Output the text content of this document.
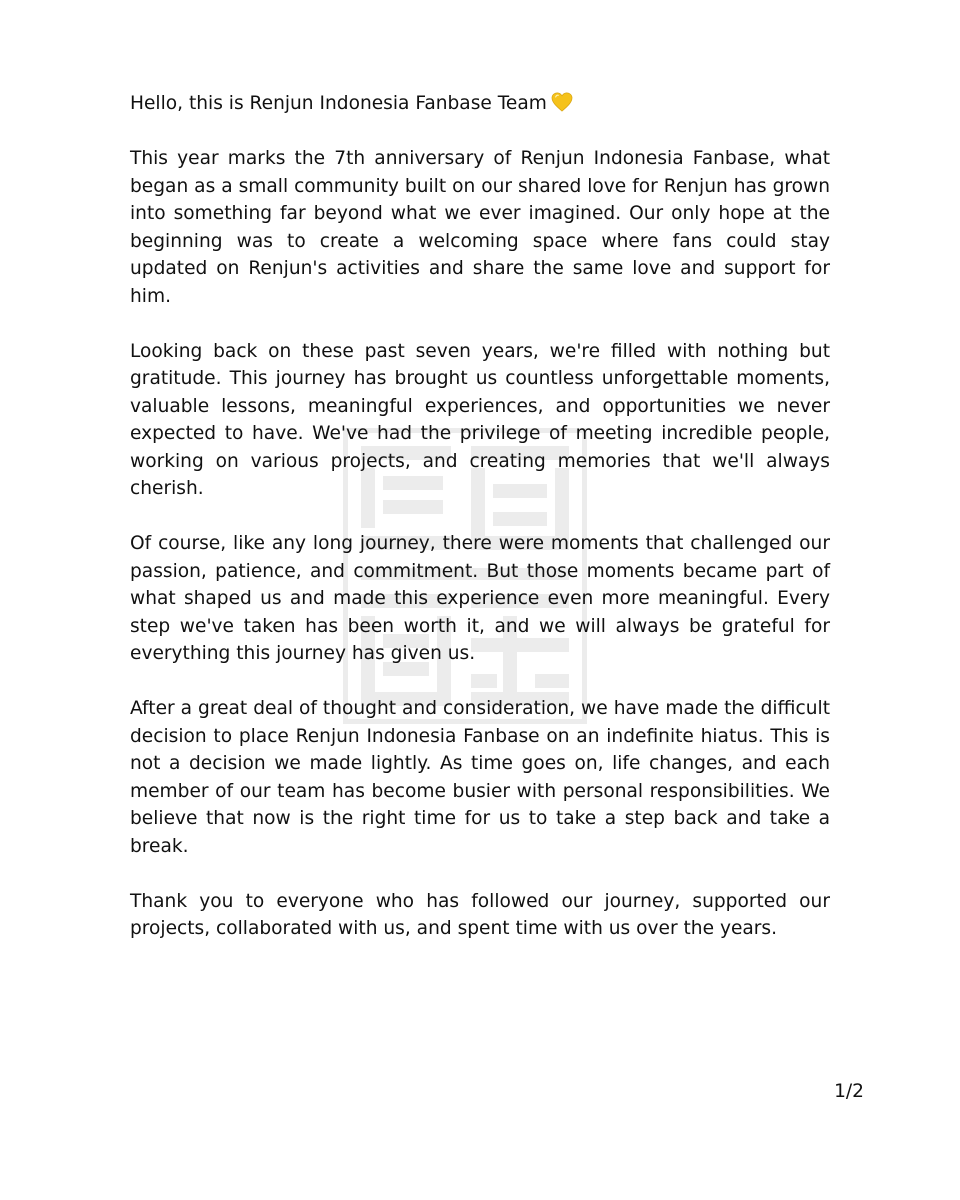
Hello, this is Renjun Indonesia Fanbase Team

This year marks the 7th anniversary of Renjun Indonesia Fanbase, what began as a small community built on our shared love for Renjun has grown into something far beyond what we ever imagined. Our only hope at the beginning was to create a welcoming space where fans could stay updated on Renjun's activities and share the same love and support for him.

Looking back on these past seven years, we're filled with nothing but gratitude. This journey has brought us countless unforgettable moments, valuable lessons, meaningful experiences, and opportunities we never expected to have. We've had the privilege of meeting incredible people, working on various projects, and creating memories that we'll always cherish.

Of course, like any long journey, there were moments that challenged our passion, patience, and commitment. But those moments became part of what shaped us and made this experience even more meaningful. Every step we've taken has been worth it, and we will always be grateful for everything this journey has given us.

After a great deal of thought and consideration, we have made the difficult decision to place Renjun Indonesia Fanbase on an indefinite hiatus. This is not a decision we made lightly. As time goes on, life changes, and each member of our team has become busier with personal responsibilities. We believe that now is the right time for us to take a step back and take a break.

Thank you to everyone who has followed our journey, supported our projects, collaborated with us, and spent time with us over the years.

1/2
